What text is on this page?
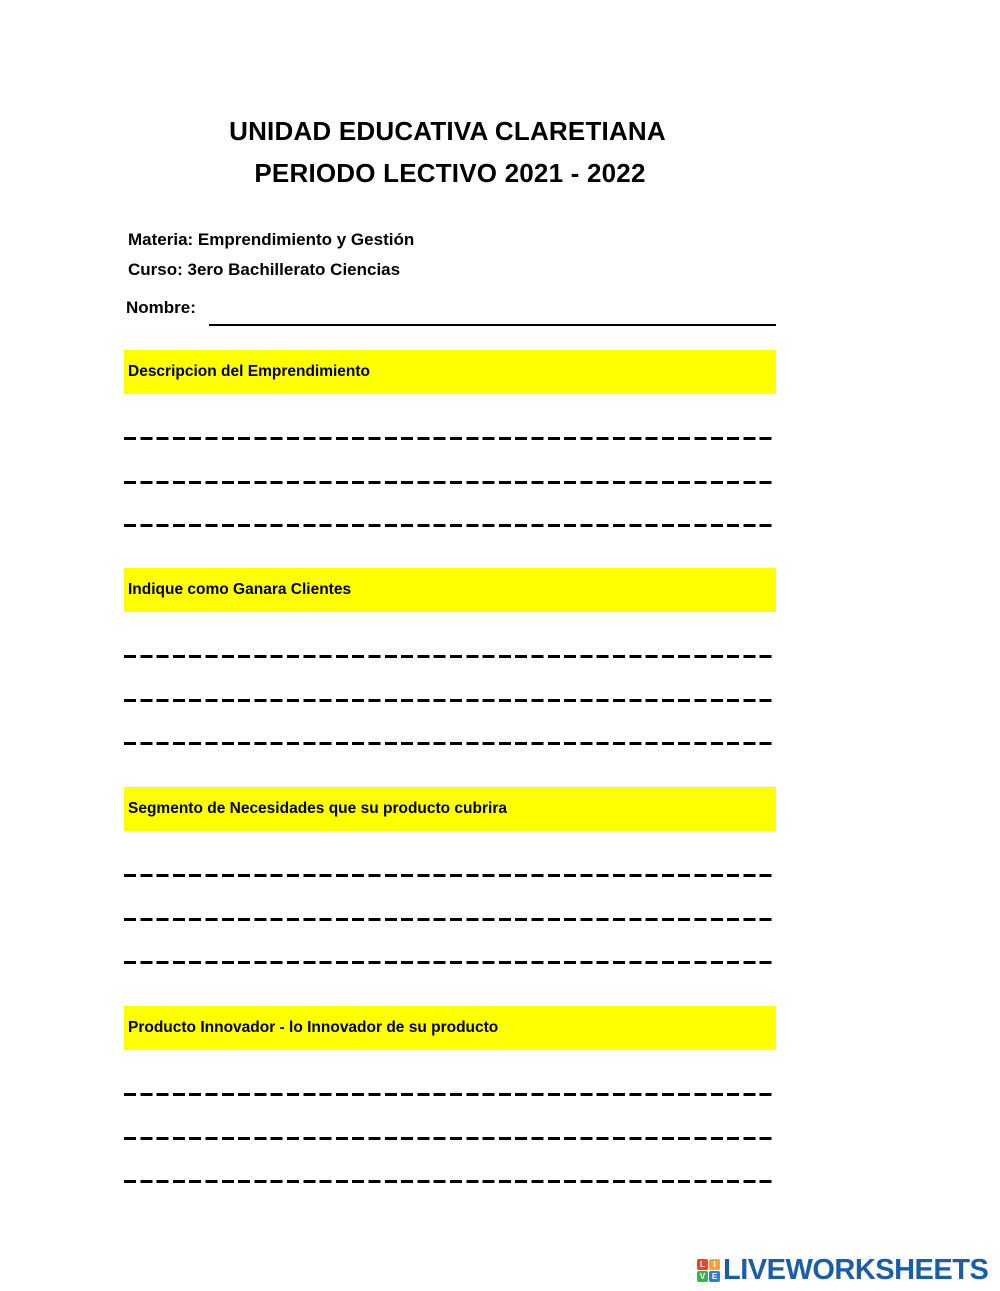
UNIDAD EDUCATIVA CLARETIANA
PERIODO LECTIVO 2021 - 2022
Materia: Emprendimiento y Gestión
Curso: 3ero Bachillerato Ciencias
Nombre:
Descripcion del Emprendimiento
Indique como Ganara Clientes
Segmento de Necesidades que su producto cubrira
Producto Innovador - lo Innovador de su producto
L	I
V E LIVEWORKSHEETS
